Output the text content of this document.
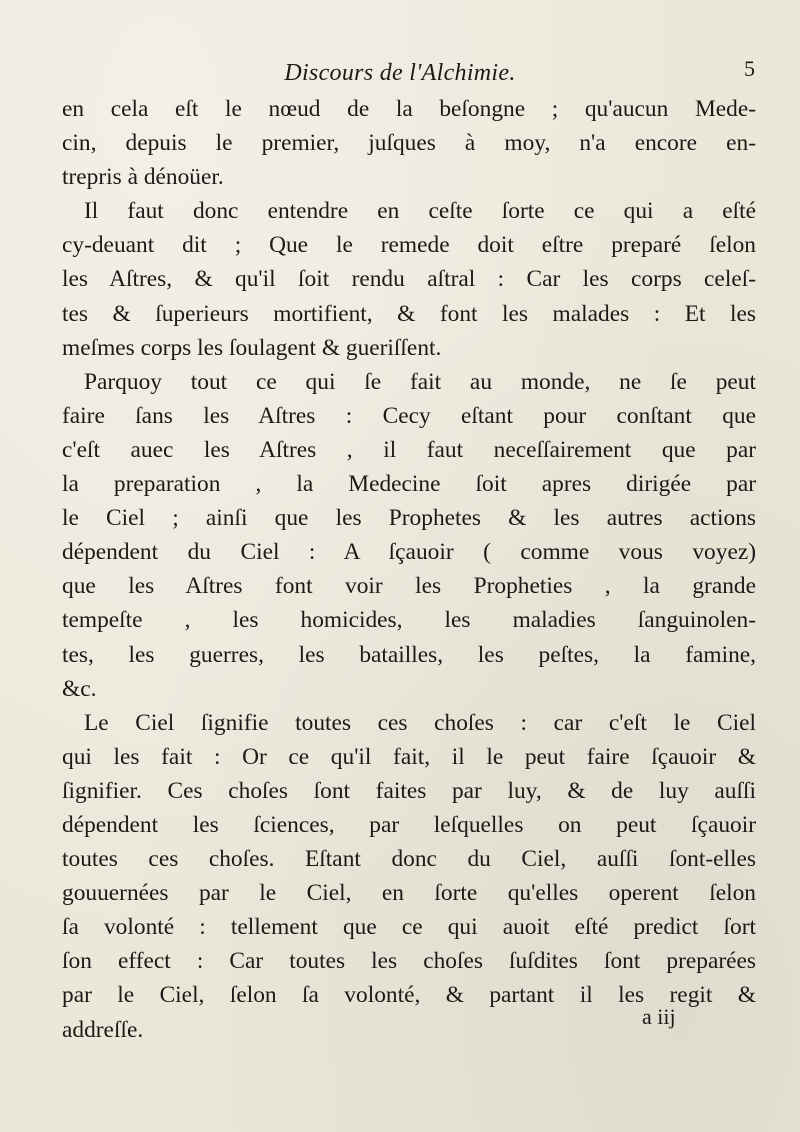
Discours de l'Alchimie.	5
en cela eſt le nœud de la beſongne ; qu'aucun Mede-
cin, depuis le premier, juſques à moy, n'a encore en-
trepris à dénoüer.
Il faut donc entendre en ceſte ſorte ce qui a eſté
cy-deuant dit ; Que le remede doit eſtre preparé ſelon
les Aſtres, & qu'il ſoit rendu aſtral : Car les corps celeſ-
tes & ſuperieurs mortifient, & font les malades : Et les
meſmes corps les ſoulagent & gueriſſent.
Parquoy tout ce qui ſe fait au monde, ne ſe peut
faire ſans les Aſtres : Cecy eſtant pour conſtant que
c'eſt auec les Aſtres , il faut neceſſairement que par
la preparation , la Medecine ſoit apres dirigée par
le Ciel ; ainſi que les Prophetes & les autres actions
dépendent du Ciel : A ſçauoir ( comme vous voyez)
que les Aſtres font voir les Propheties , la grande
tempeſte , les homicides, les maladies ſanguinolen-
tes, les guerres, les batailles, les peſtes, la famine,
&c.
Le Ciel ſignifie toutes ces choſes : car c'eſt le Ciel
qui les fait : Or ce qu'il fait, il le peut faire ſçauoir &
ſignifier. Ces choſes ſont faites par luy, & de luy auſſi
dépendent les ſciences, par leſquelles on peut ſçauoir
toutes ces choſes. Eſtant donc du Ciel, auſſi ſont-elles
gouuernées par le Ciel, en ſorte qu'elles operent ſelon
ſa volonté : tellement que ce qui auoit eſté predict ſort
ſon effect : Car toutes les choſes ſuſdites ſont preparées
par le Ciel, ſelon ſa volonté, & partant il les regit &
addreſſe.
a iij
